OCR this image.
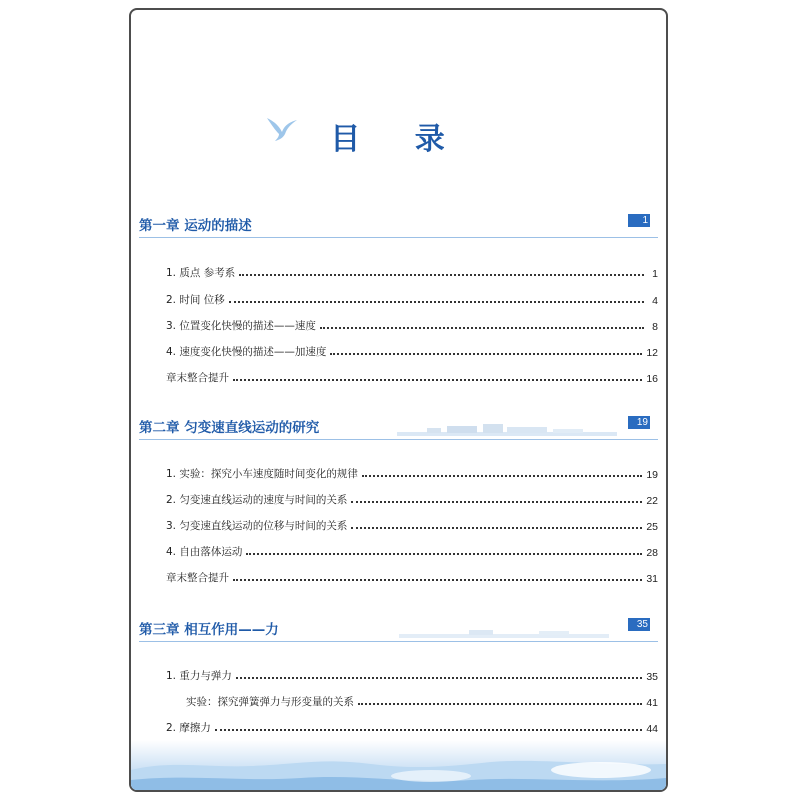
目 录
第一章 运动的描述	1
1. 质点 参考系	1
2. 时间 位移	4
3. 位置变化快慢的描述——速度	8
4. 速度变化快慢的描述——加速度	12
章末整合提升	16
第二章 匀变速直线运动的研究	19
1. 实验：探究小车速度随时间变化的规律	19
2. 匀变速直线运动的速度与时间的关系	22
3. 匀变速直线运动的位移与时间的关系	25
4. 自由落体运动	28
章末整合提升	31
第三章 相互作用——力	35
1. 重力与弹力	35
实验：探究弹簧弹力与形变量的关系	41
2. 摩擦力	44
